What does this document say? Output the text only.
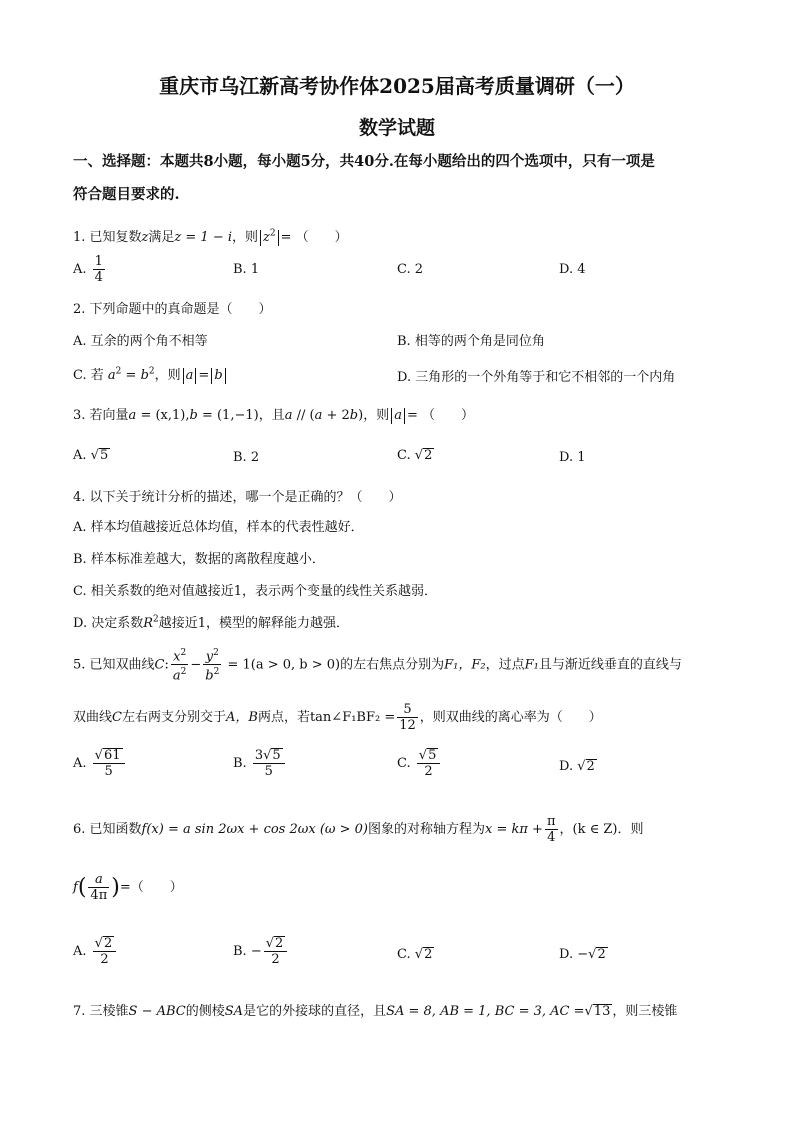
重庆市乌江新高考协作体2025届高考质量调研（一）
数学试题
一、选择题：本题共8小题，每小题5分，共40分.在每小题给出的四个选项中，只有一项是
符合题目要求的.
1. 已知复数z满足z = 1 − i，则 $z^2$ = （　　）
A. $\frac{1}{4}$	B. 1	C. 2	D. 4
2. 下列命题中的真命题是（　　）
A. 互余的两个角不相等	B. 相等的两个角是同位角
C. 若 $a^2 = b^2$，则 a = b	D. 三角形的一个外角等于和它不相邻的一个内角
3. 若向量a = (x,1),b = (1,−1)，且a // (a + 2b)，则 a = （　　）
A. √5	B. 2	C. √2	D. 1
4. 以下关于统计分析的描述，哪一个是正确的？（　　）
A. 样本均值越接近总体均值，样本的代表性越好．
B. 样本标准差越大，数据的离散程度越小．
C. 相关系数的绝对值越接近1，表示两个变量的线性关系越弱．
D. 决定系数$R^2$越接近1，模型的解释能力越强．
5. 已知双曲线C: $\frac{x^2}{a^2} - \frac{y^2}{b^2} = 1(a > 0$, b > 0)的左右焦点分别为F₁，F₂，过点F₁且与渐近线垂直的直线与
双曲线C左右两支分别交于A，B两点，若tan∠F₁BF₂ = $\frac{5}{12}$ ，则双曲线的离心率为（　　）
A. $\frac{√61}{5}$	B. $\frac{3√5}{5}$	C. $\frac{√5}{2}$	D. √2
6. 已知函数f(x) = a sin 2ωx + cos 2ωx (ω > 0)图象的对称轴方程为$x = k\pi + \frac{\pi}{4}$ ，(k ∈ Z)．则
$f( \frac{a}{4\pi}$ )=（　　）
A. $\frac{√2}{2}$	B. − $\frac{√2}{2}$	C. √2	D. −√2
7. 三棱锥S − ABC的侧棱SA是它的外接球的直径，且SA = 8, AB = 1, BC = 3, AC =√13 ，则三棱锥
